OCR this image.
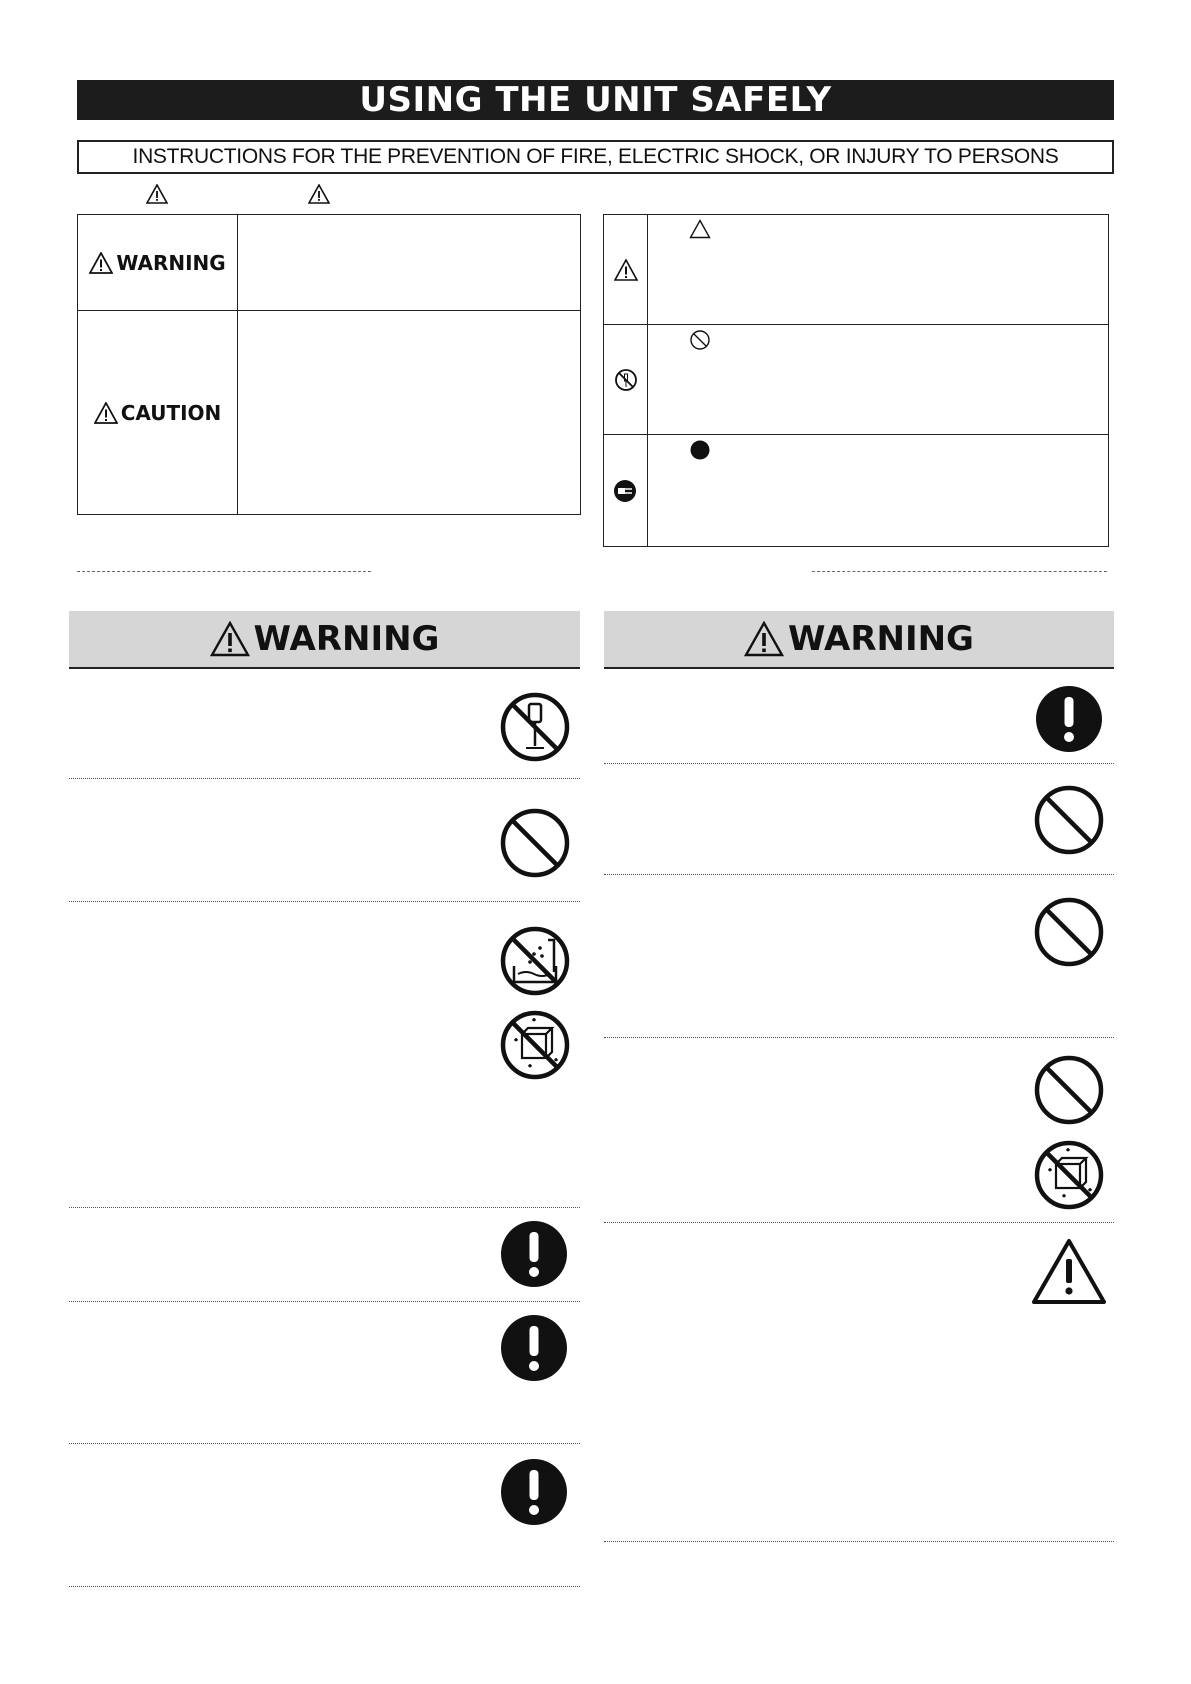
USING THE UNIT SAFELY
INSTRUCTIONS FOR THE PREVENTION OF FIRE, ELECTRIC SHOCK, OR INJURY TO PERSONS
WARNING
CAUTION
WARNING	WARNING
